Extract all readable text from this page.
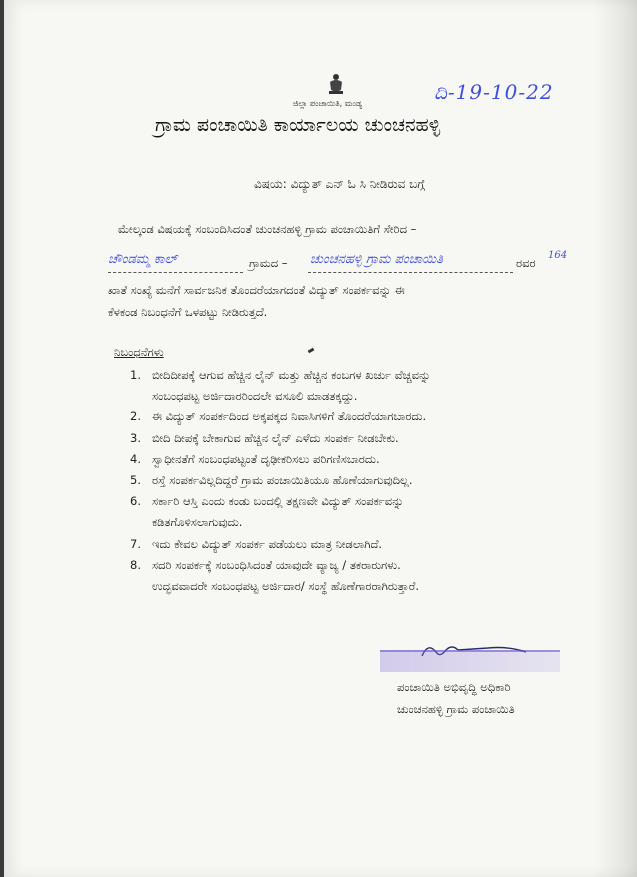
ಜಿಲ್ಲಾ ಪಂಚಾಯಿತಿ, ಮಂಡ್ಯ	ದಿ-19-10-22
ಗ್ರಾಮ ಪಂಚಾಯಿತಿ ಕಾರ್ಯಾಲಯ ಚುಂಚನಹಳ್ಳಿ
ವಿಷಯ: ವಿದ್ಯುತ್ ಎನ್ ಓ ಸಿ ನೀಡಿರುವ ಬಗ್ಗೆ
ಮೇಲ್ಕಂಡ ವಿಷಯಕ್ಕೆ ಸಂಬಂದಿಸಿದಂತೆ ಚುಂಚನಹಳ್ಳಿ ಗ್ರಾಮ ಪಂಚಾಯಿತಿಗೆ ಸೇರಿದ –
ಚೌಂಡಮ್ಮ ಕಾಲ್	ಗ್ರಾಮದ – ಚುಂಚನಹಳ್ಳಿ ಗ್ರಾಮ ಪಂಚಾಯಿತಿ	ರವರ
164
ಖಾತೆ ಸಂಖ್ಯೆ ಮನೆಗೆ ಸಾರ್ವಜನಿಕ ತೊಂದರೆಯಾಗದಂತೆ ವಿದ್ಯುತ್ ಸಂಪರ್ಕವನ್ನು ಈ
ಕೆಳಕಂಡ ನಿಬಂಧನೆಗೆ ಒಳಪಟ್ಟು ನೀಡಿರುತ್ತದೆ.
ನಿಬಂಧನೆಗಳು
1. ಬೀದಿದೀಪಕ್ಕೆ ಆಗುವ ಹೆಚ್ಚಿನ ಲೈನ್ ಮತ್ತು ಹೆಚ್ಚಿನ ಕಂಬಗಳ ಖರ್ಚು ವೆಚ್ಚವನ್ನು
ಸಂಬಂಧಪಟ್ಟ ಅರ್ಜಿದಾರರಿಂದಲೇ ವಸೂಲಿ ಮಾಡತಕ್ಕದ್ದು.
2. ಈ ವಿದ್ಯುತ್ ಸಂಪರ್ಕದಿಂದ ಅಕ್ಕಪಕ್ಕದ ನಿವಾಸಿಗಳಿಗೆ ತೊಂದರೆಯಾಗಬಾರದು.
3. ಬೀದಿ ದೀಪಕ್ಕೆ ಬೇಕಾಗುವ ಹೆಚ್ಚಿನ ಲೈನ್ ಎಳೆದು ಸಂಪರ್ಕ ನೀಡಬೇಕು.
4. ಸ್ವಾಧೀನತೆಗೆ ಸಂಬಂಧಪಟ್ಟಂತೆ ದೃಢೀಕರಿಸಲು ಪರಿಗಣಿಸಬಾರದು.
5. ರಸ್ತೆ ಸಂಪರ್ಕವಿಲ್ಲದಿದ್ದರೆ ಗ್ರಾಮ ಪಂಚಾಯಿತಿಯೂ ಹೊಣೆಯಾಗುವುದಿಲ್ಲ.
6. ಸರ್ಕಾರಿ ಆಸ್ತಿ ಎಂದು ಕಂಡು ಬಂದಲ್ಲಿ ತಕ್ಷಣವೇ ವಿದ್ಯುತ್ ಸಂಪರ್ಕವನ್ನು
ಕಡಿತಗೊಳಿಸಲಾಗುವುದು.
7. ಇದು ಕೇವಲ ವಿದ್ಯುತ್ ಸಂಪರ್ಕ ಪಡೆಯಲು ಮಾತ್ರ ನೀಡಲಾಗಿದೆ.
8. ಸದರಿ ಸಂಪರ್ಕಕ್ಕೆ ಸಂಬಂಧಿಸಿದಂತೆ ಯಾವುದೇ ವ್ಯಾಜ್ಯ / ತಕರಾರುಗಳು.
ಉದ್ಭವವಾದರೇ ಸಂಬಂಧಪಟ್ಟ ಅರ್ಜಿದಾರ/ ಸಂಸ್ಥೆ ಹೊಣೆಗಾರರಾಗಿರುತ್ತಾರೆ.
ಪಂಚಾಯಿತಿ ಅಭಿವೃದ್ಧಿ ಅಧಿಕಾರಿ
ಚುಂಚನಹಳ್ಳಿ ಗ್ರಾಮ ಪಂಚಾಯಿತಿ
